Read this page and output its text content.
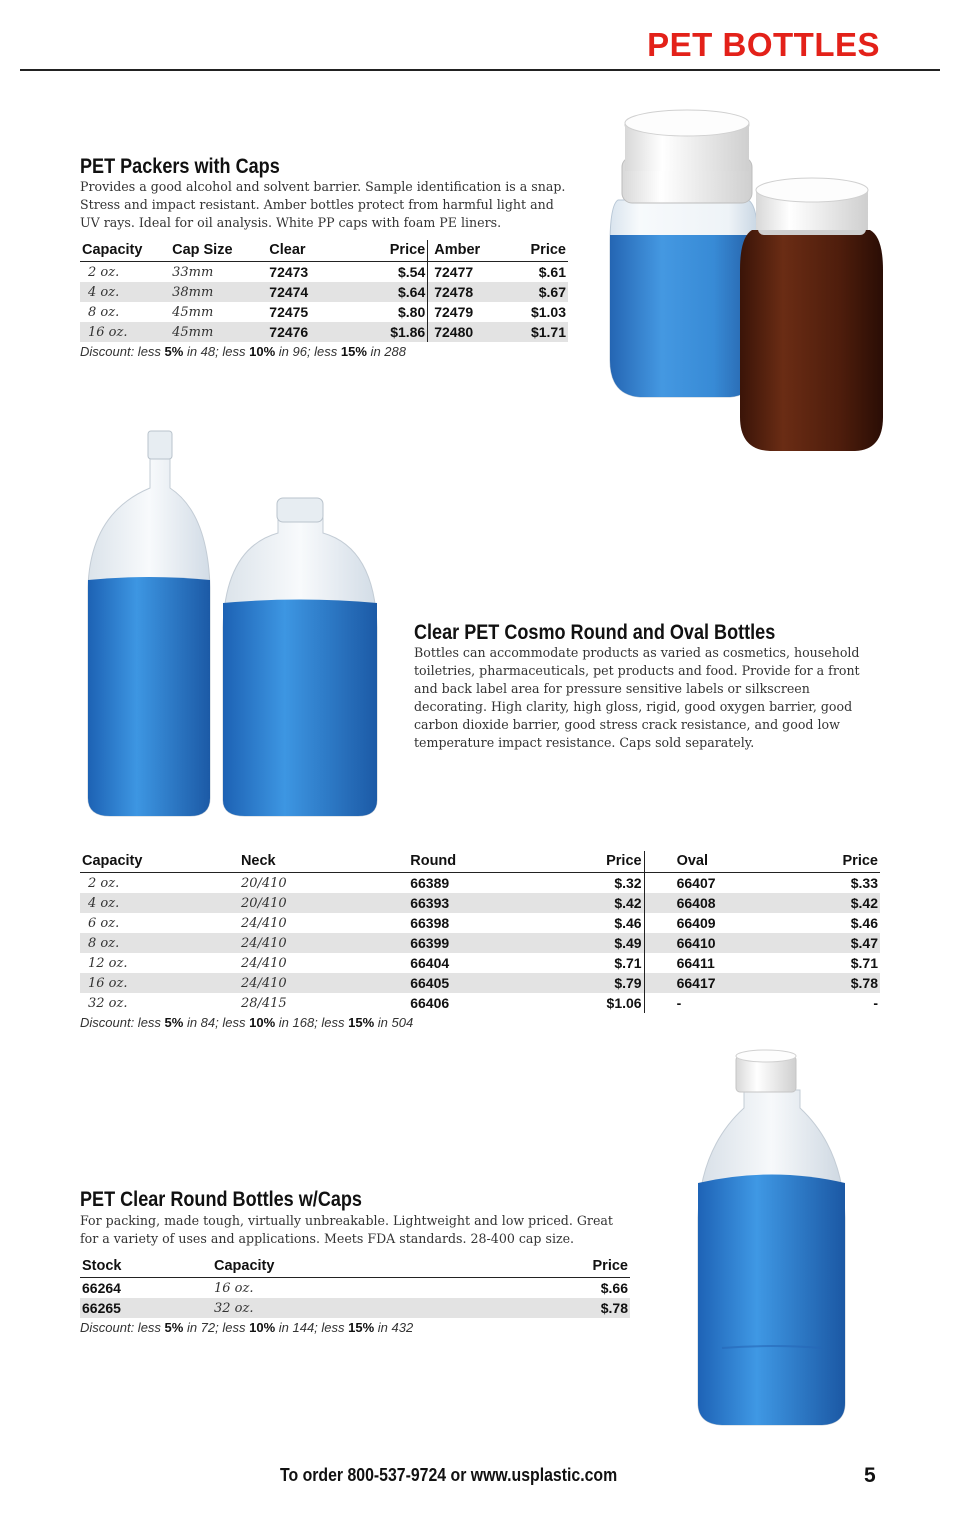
PET BOTTLES
PET Packers with Caps
Provides a good alcohol and solvent barrier. Sample identification is a snap. Stress and impact resistant. Amber bottles protect from harmful light and UV rays. Ideal for oil analysis. White PP caps with foam PE liners.
Capacity	Cap Size	Clear	Price	Amber	Price
2 oz.	33mm	72473	$.54	72477	$.61
4 oz.	38mm	72474	$.64	72478	$.67
8 oz.	45mm	72475	$.80	72479	$1.03
16 oz.	45mm	72476	$1.86	72480	$1.71
Discount: less 5% in 48; less 10% in 96; less 15% in 288
Clear PET Cosmo Round and Oval Bottles
Bottles can accommodate products as varied as cosmetics, household toiletries, pharmaceuticals, pet products and food. Provide for a front and back label area for pressure sensitive labels or silkscreen decorating. High clarity, high gloss, rigid, good oxygen barrier, good carbon dioxide barrier, good stress crack resistance, and good low temperature impact resistance. Caps sold separately.
Capacity	Neck	Round	Price	Oval	Price
2 oz.	20/410	66389	$.32	66407	$.33
4 oz.	20/410	66393	$.42	66408	$.42
6 oz.	24/410	66398	$.46	66409	$.46
8 oz.	24/410	66399	$.49	66410	$.47
12 oz.	24/410	66404	$.71	66411	$.71
16 oz.	24/410	66405	$.79	66417	$.78
32 oz.	28/415	66406	$1.06	-	-
Discount: less 5% in 84; less 10% in 168; less 15% in 504
PET Clear Round Bottles w/Caps
For packing, made tough, virtually unbreakable. Lightweight and low priced. Great for a variety of uses and applications. Meets FDA standards. 28-400 cap size.
Stock	Capacity	Price
66264	16 oz.	$.66
66265	32 oz.	$.78
Discount: less 5% in 72; less 10% in 144; less 15% in 432
To order 800-537-9724 or www.usplastic.com	5
